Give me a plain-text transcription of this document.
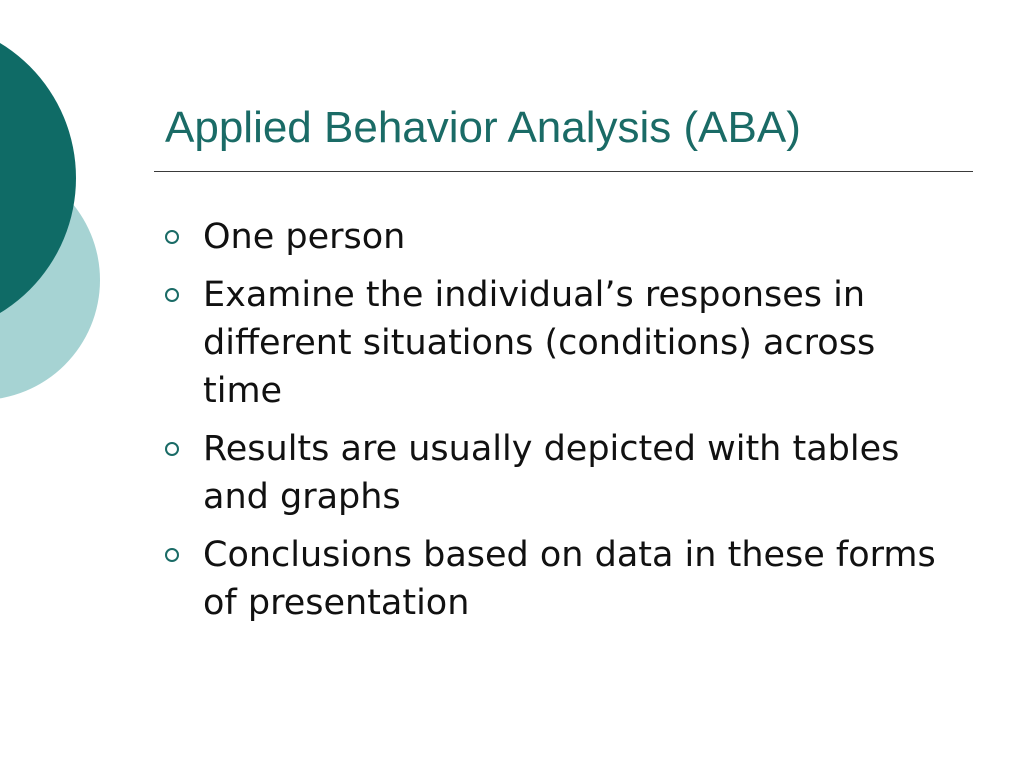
Applied Behavior Analysis (ABA)
One person
Examine the individual’s responses in different situations (conditions) across time
Results are usually depicted with tables and graphs
Conclusions based on data in these forms of presentation
